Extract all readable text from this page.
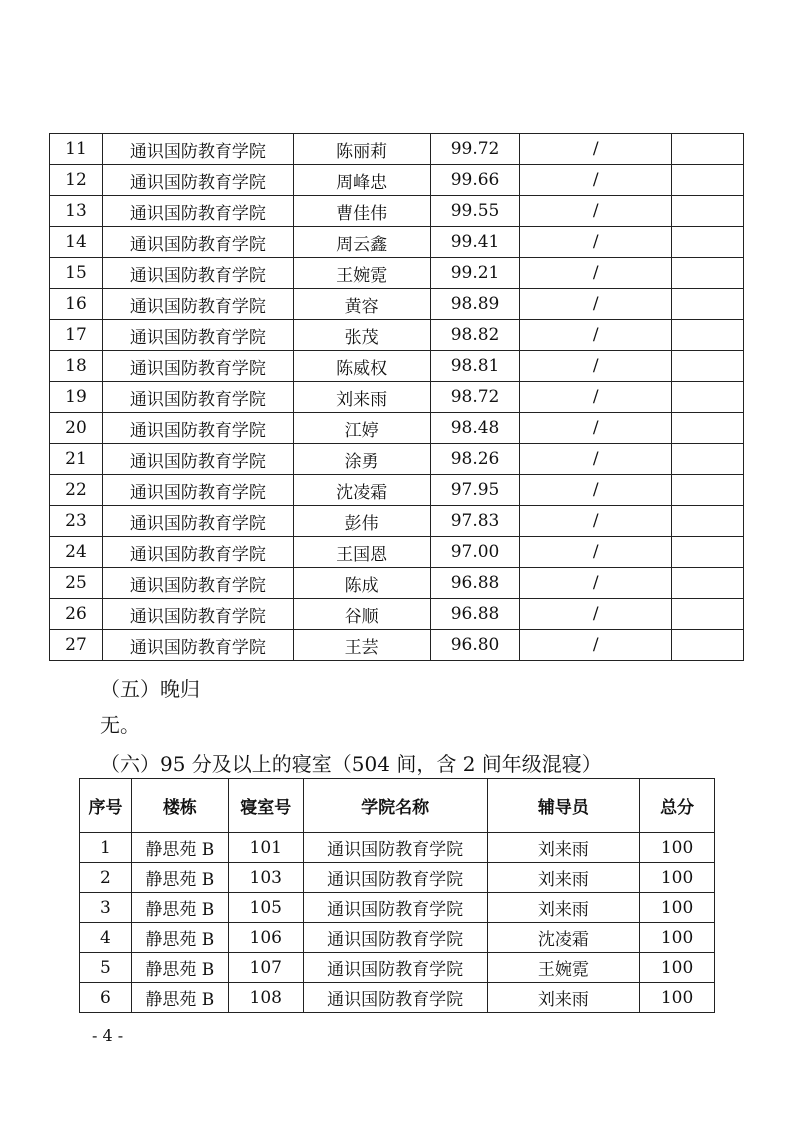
11	通识国防教育学院	陈丽莉	99.72	/	
12	通识国防教育学院	周峰忠	99.66	/	
13	通识国防教育学院	曹佳伟	99.55	/	
14	通识国防教育学院	周云鑫	99.41	/	
15	通识国防教育学院	王婉霓	99.21	/	
16	通识国防教育学院	黄容	98.89	/	
17	通识国防教育学院	张茂	98.82	/	
18	通识国防教育学院	陈威权	98.81	/	
19	通识国防教育学院	刘来雨	98.72	/	
20	通识国防教育学院	江婷	98.48	/	
21	通识国防教育学院	涂勇	98.26	/	
22	通识国防教育学院	沈凌霜	97.95	/	
23	通识国防教育学院	彭伟	97.83	/	
24	通识国防教育学院	王国恩	97.00	/	
25	通识国防教育学院	陈成	96.88	/	
26	通识国防教育学院	谷顺	96.88	/	
27	通识国防教育学院	王芸	96.80	/	
（五）晚归
无。
（六）95 分及以上的寝室（504 间，含 2 间年级混寝）
序号	楼栋	寝室号	学院名称	辅导员	总分
1	静思苑 B	101	通识国防教育学院	刘来雨	100
2	静思苑 B	103	通识国防教育学院	刘来雨	100
3	静思苑 B	105	通识国防教育学院	刘来雨	100
4	静思苑 B	106	通识国防教育学院	沈凌霜	100
5	静思苑 B	107	通识国防教育学院	王婉霓	100
6	静思苑 B	108	通识国防教育学院	刘来雨	100
- 4 -
